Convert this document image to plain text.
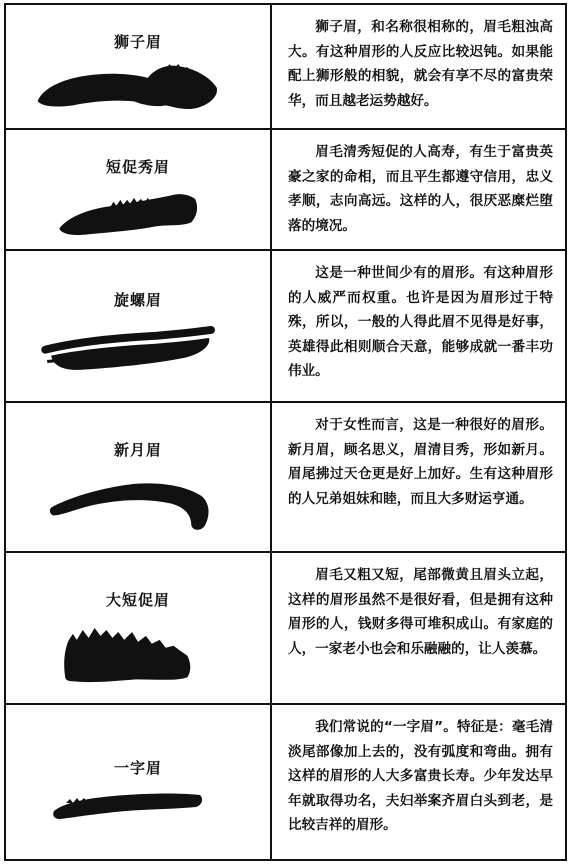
狮子眉

狮子眉，和名称很相称的，眉毛粗浊高大。有这种眉形的人反应比较迟钝。如果能配上狮形般的相貌，就会有享不尽的富贵荣华，而且越老运势越好。

短促秀眉

眉毛清秀短促的人高寿，有生于富贵英豪之家的命相，而且平生都遵守信用，忠义孝顺，志向高远。这样的人，很厌恶糜烂堕落的境况。

旋螺眉

这是一种世间少有的眉形。有这种眉形的人威严而权重。也许是因为眉形过于特殊，所以，一般的人得此眉不见得是好事，英雄得此相则顺合天意，能够成就一番丰功伟业。

新月眉

对于女性而言，这是一种很好的眉形。新月眉，顾名思义，眉清目秀，形如新月。眉尾拂过天仓更是好上加好。生有这种眉形的人兄弟姐妹和睦，而且大多财运亨通。

大短促眉

眉毛又粗又短，尾部微黄且眉头立起，这样的眉形虽然不是很好看，但是拥有这种眉形的人，钱财多得可堆积成山。有家庭的人，一家老小也会和乐融融的，让人羡慕。

一字眉

我们常说的“一字眉”。特征是：毫毛清淡尾部像加上去的，没有弧度和弯曲。拥有这样的眉形的人大多富贵长寿。少年发达早年就取得功名，夫妇举案齐眉白头到老，是比较吉祥的眉形。
